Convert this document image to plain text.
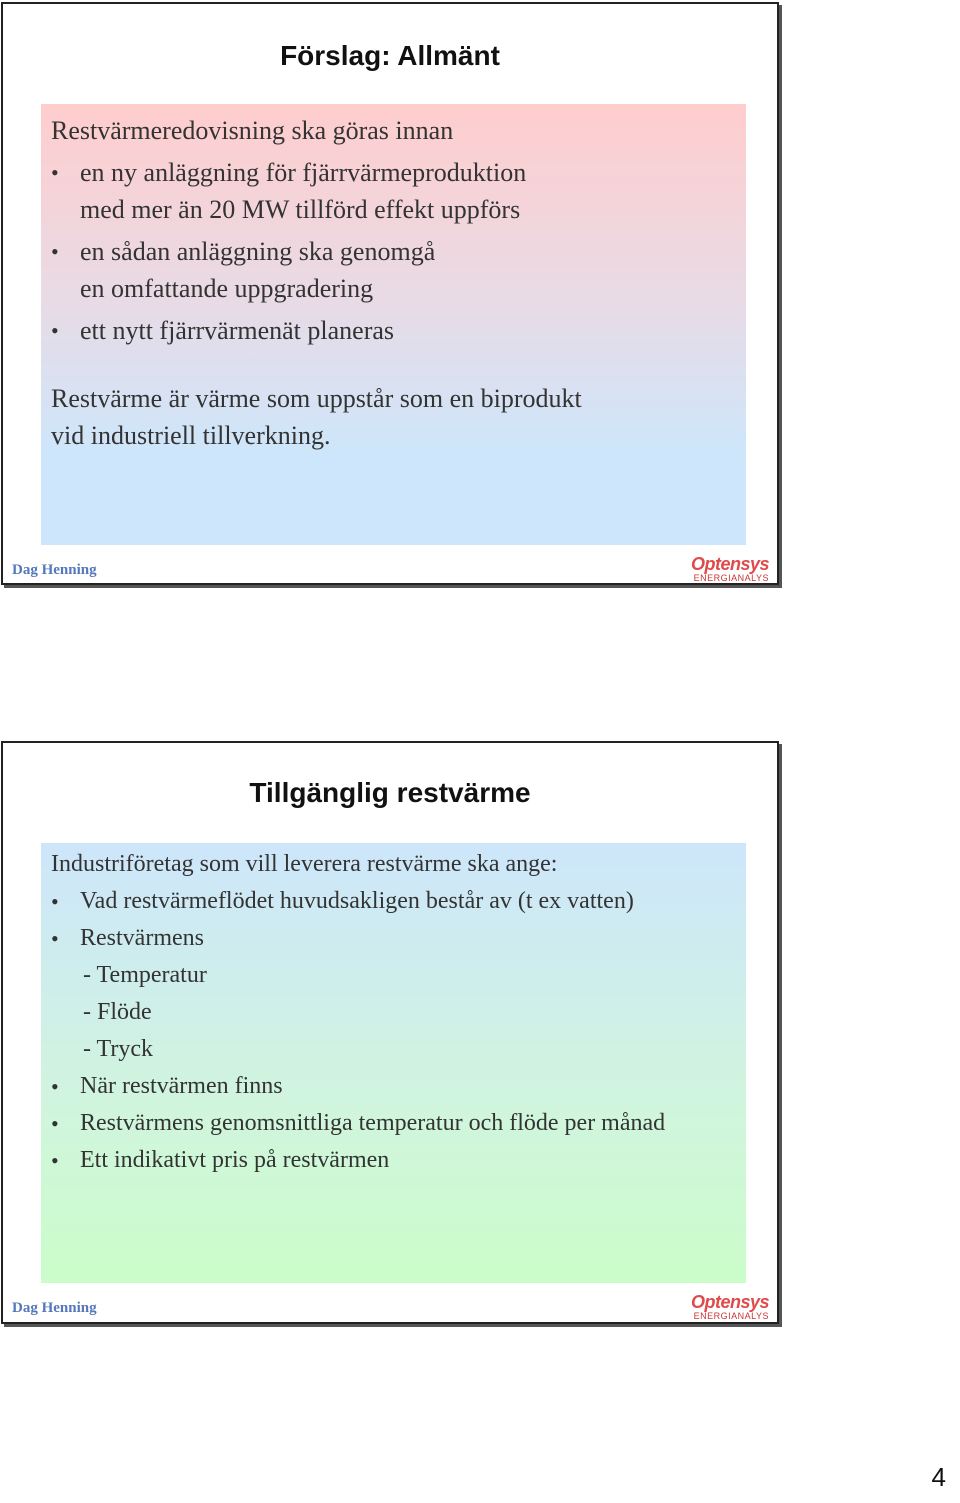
Förslag: Allmänt

Restvärmeredovisning ska göras innan

• en ny anläggning för fjärrvärmeproduktion

med mer än 20 MW tillförd effekt uppförs

• en sådan anläggning ska genomgå

en omfattande uppgradering

• ett nytt fjärrvärmenät planeras

Restvärme är värme som uppstår som en biprodukt

vid industriell tillverkning.

Dag Henning	Optensys
ENERGIANALYS
Tillgänglig restvärme

Industriföretag som vill leverera restvärme ska ange:

• Vad restvärmeflödet huvudsakligen består av (t ex vatten)

• Restvärmens

- Temperatur

- Flöde

- Tryck

• När restvärmen finns

• Restvärmens genomsnittliga temperatur och flöde per månad

• Ett indikativt pris på restvärmen

Dag Henning	Optensys
ENERGIANALYS
4
